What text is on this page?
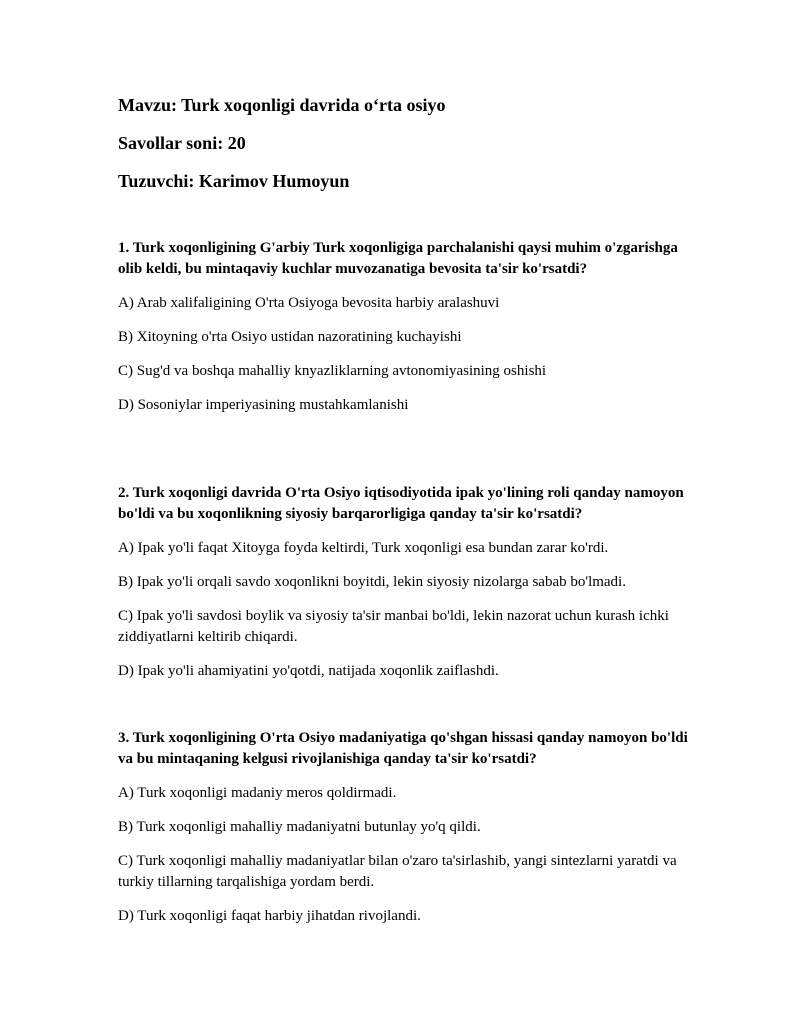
Mavzu: Turk xoqonligi davrida oʻrta osiyo
Savollar soni: 20
Tuzuvchi: Karimov Humoyun

1. Turk xoqonligining G'arbiy Turk xoqonligiga parchalanishi qaysi muhim o'zgarishga olib keldi, bu mintaqaviy kuchlar muvozanatiga bevosita ta'sir ko'rsatdi?

A) Arab xalifaligining O'rta Osiyoga bevosita harbiy aralashuvi

B) Xitoyning o'rta Osiyo ustidan nazoratining kuchayishi

C) Sug'd va boshqa mahalliy knyazliklarning avtonomiyasining oshishi

D) Sosoniylar imperiyasining mustahkamlanishi

2. Turk xoqonligi davrida O'rta Osiyo iqtisodiyotida ipak yo'lining roli qanday namoyon bo'ldi va bu xoqonlikning siyosiy barqarorligiga qanday ta'sir ko'rsatdi?

A) Ipak yo'li faqat Xitoyga foyda keltirdi, Turk xoqonligi esa bundan zarar ko'rdi.

B) Ipak yo'li orqali savdo xoqonlikni boyitdi, lekin siyosiy nizolarga sabab bo'lmadi.

C) Ipak yo'li savdosi boylik va siyosiy ta'sir manbai bo'ldi, lekin nazorat uchun kurash ichki ziddiyatlarni keltirib chiqardi.

D) Ipak yo'li ahamiyatini yo'qotdi, natijada xoqonlik zaiflashdi.

3. Turk xoqonligining O'rta Osiyo madaniyatiga qo'shgan hissasi qanday namoyon bo'ldi va bu mintaqaning kelgusi rivojlanishiga qanday ta'sir ko'rsatdi?

A) Turk xoqonligi madaniy meros qoldirmadi.

B) Turk xoqonligi mahalliy madaniyatni butunlay yo'q qildi.

C) Turk xoqonligi mahalliy madaniyatlar bilan o'zaro ta'sirlashib, yangi sintezlarni yaratdi va turkiy tillarning tarqalishiga yordam berdi.

D) Turk xoqonligi faqat harbiy jihatdan rivojlandi.
